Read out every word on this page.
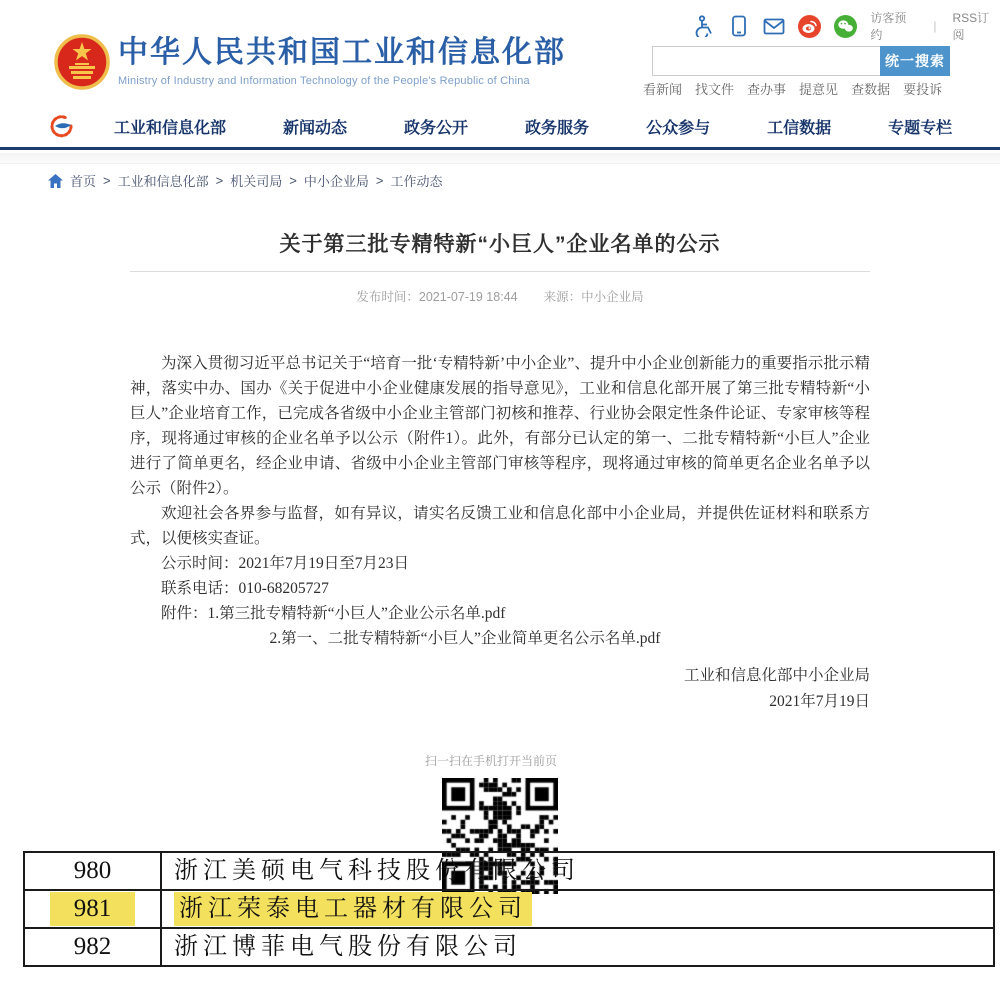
中华人民共和国工业和信息化部
Ministry of Industry and Information Technology of the People's Republic of China
访客预约
|
RSS订阅
统一搜索
看新闻 找文件 查办事 提意见 查数据 要投诉
工业和信息化部	新闻动态	政务公开	政务服务	公众参与	工信数据	专题专栏
首页 > 工业和信息化部 > 机关司局 > 中小企业局 > 工作动态
关于第三批专精特新“小巨人”企业名单的公示
发布时间：2021-07-19 18:44 来源：中小企业局

为深入贯彻习近平总书记关于“培育一批‘专精特新’中小企业”、提升中小企业创新能力的重要指示批示精神，落实中办、国办《关于促进中小企业健康发展的指导意见》，工业和信息化部开展了第三批专精特新“小巨人”企业培育工作，已完成各省级中小企业主管部门初核和推荐、行业协会限定性条件论证、专家审核等程序，现将通过审核的企业名单予以公示（附件1）。此外，有部分已认定的第一、二批专精特新“小巨人”企业进行了简单更名，经企业申请、省级中小企业主管部门审核等程序，现将通过审核的简单更名企业名单予以公示（附件2）。

欢迎社会各界参与监督，如有异议，请实名反馈工业和信息化部中小企业局，并提供佐证材料和联系方式，以便核实查证。

公示时间：2021年7月19日至7月23日
联系电话：010-68205727
附件：1.第三批专精特新“小巨人”企业公示名单.pdf
2.第一、二批专精特新“小巨人”企业简单更名公示名单.pdf
工业和信息化部中小企业局
2021年7月19日
扫一扫在手机打开当前页
980	浙江美硕电气科技股份有限公司
981	浙江荣泰电工器材有限公司
982	浙江博菲电气股份有限公司
